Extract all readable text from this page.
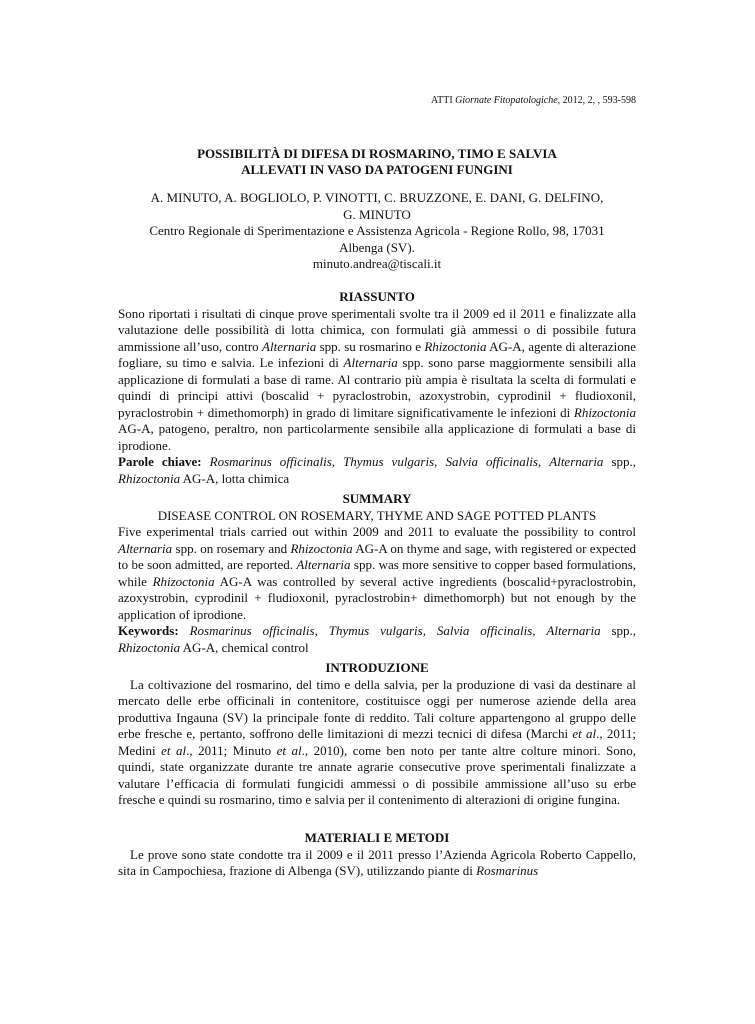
ATTI Giornate Fitopatologiche, 2012, 2, , 593-598
POSSIBILITÀ DI DIFESA DI ROSMARINO, TIMO E SALVIA
ALLEVATI IN VASO DA PATOGENI FUNGINI
A. MINUTO, A. BOGLIOLO, P. VINOTTI, C. BRUZZONE, E. DANI, G. DELFINO,
G. MINUTO
Centro Regionale di Sperimentazione e Assistenza Agricola - Regione Rollo, 98, 17031
Albenga (SV).
minuto.andrea@tiscali.it
RIASSUNTO

Sono riportati i risultati di cinque prove sperimentali svolte tra il 2009 ed il 2011 e finalizzate alla valutazione delle possibilità di lotta chimica, con formulati già ammessi o di possibile futura ammissione all’uso, contro Alternaria spp. su rosmarino e Rhizoctonia AG-A, agente di alterazione fogliare, su timo e salvia. Le infezioni di Alternaria spp. sono parse maggiormente sensibili alla applicazione di formulati a base di rame. Al contrario più ampia è risultata la scelta di formulati e quindi di principi attivi (boscalid + pyraclostrobin, azoxystrobin, cyprodinil + fludioxonil, pyraclostrobin + dimethomorph) in grado di limitare significativamente le infezioni di Rhizoctonia AG-A, patogeno, peraltro, non particolarmente sensibile alla applicazione di formulati a base di iprodione.

Parole chiave: Rosmarinus officinalis, Thymus vulgaris, Salvia officinalis, Alternaria spp., Rhizoctonia AG-A, lotta chimica

SUMMARY
DISEASE CONTROL ON ROSEMARY, THYME AND SAGE POTTED PLANTS

Five experimental trials carried out within 2009 and 2011 to evaluate the possibility to control Alternaria spp. on rosemary and Rhizoctonia AG-A on thyme and sage, with registered or expected to be soon admitted, are reported. Alternaria spp. was more sensitive to copper based formulations, while Rhizoctonia AG-A was controlled by several active ingredients (boscalid+pyraclostrobin, azoxystrobin, cyprodinil + fludioxonil, pyraclostrobin+ dimethomorph) but not enough by the application of iprodione.

Keywords: Rosmarinus officinalis, Thymus vulgaris, Salvia officinalis, Alternaria spp., Rhizoctonia AG-A, chemical control

INTRODUZIONE

La coltivazione del rosmarino, del timo e della salvia, per la produzione di vasi da destinare al mercato delle erbe officinali in contenitore, costituisce oggi per numerose aziende della area produttiva Ingauna (SV) la principale fonte di reddito. Tali colture appartengono al gruppo delle erbe fresche e, pertanto, soffrono delle limitazioni di mezzi tecnici di difesa (Marchi et al., 2011; Medini et al., 2011; Minuto et al., 2010), come ben noto per tante altre colture minori. Sono, quindi, state organizzate durante tre annate agrarie consecutive prove sperimentali finalizzate a valutare l’efficacia di formulati fungicidi ammessi o di possibile ammissione all’uso su erbe fresche e quindi su rosmarino, timo e salvia per il contenimento di alterazioni di origine fungina.

MATERIALI E METODI

Le prove sono state condotte tra il 2009 e il 2011 presso l’Azienda Agricola Roberto Cappello, sita in Campochiesa, frazione di Albenga (SV), utilizzando piante di Rosmarinus
